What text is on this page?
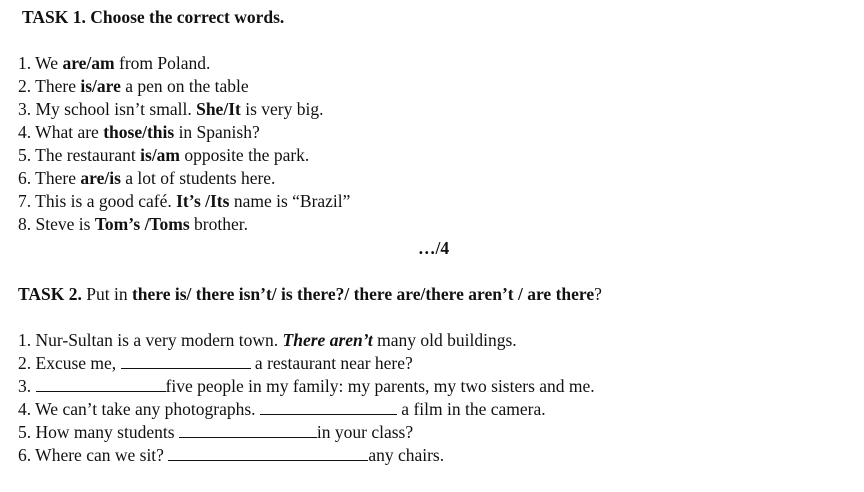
TASK 1. Choose the correct words.
1. We are/am from Poland.
2. There is/are a pen on the table
3. My school isn’t small. She/It is very big.
4. What are those/this in Spanish?
5. The restaurant is/am opposite the park.
6. There are/is a lot of students here.
7. This is a good café. It’s /Its name is “Brazil”
8. Steve is Tom’s /Toms brother.
…/4
TASK 2. Put in there is/ there isn’t/ is there?/ there are/there aren’t / are there?
1. Nur-Sultan is a very modern town. There aren’t many old buildings.
2. Excuse me,	a restaurant near here?
3.	five people in my family: my parents, my two sisters and me.
4. We can’t take any photographs.	a film in the camera.
5. How many students	in your class?
6. Where can we sit?	any chairs.
